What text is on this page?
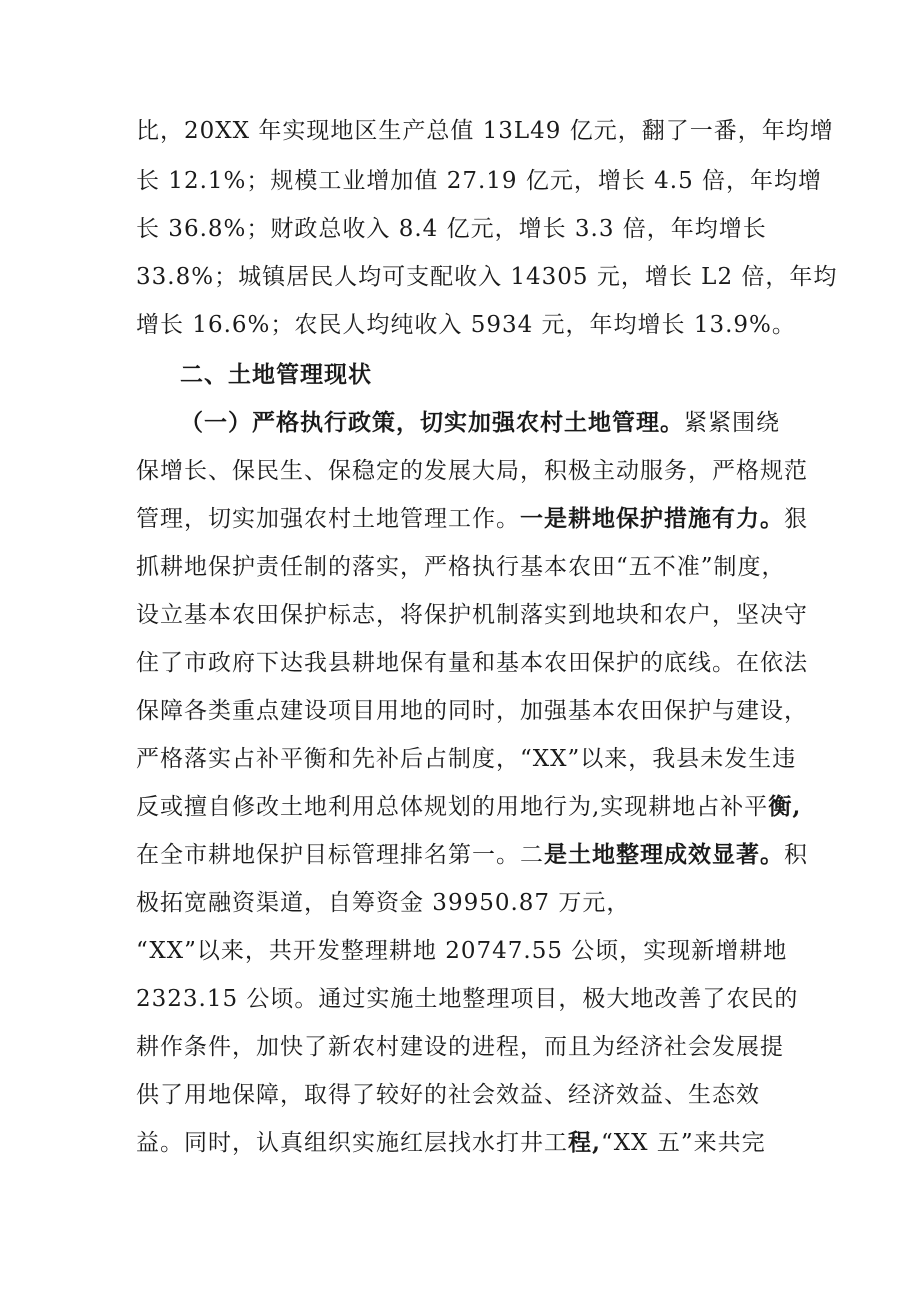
比，20XX 年实现地区生产总值 13L49 亿元，翻了一番，年均增
长 12.1%；规模工业增加值 27.19 亿元，增长 4.5 倍，年均增
长 36.8%；财政总收入 8.4 亿元，增长 3.3 倍，年均增长
33.8%；城镇居民人均可支配收入 14305 元，增长 L2 倍，年均
增长 16.6%；农民人均纯收入 5934 元，年均增长 13.9%。
二、土地管理现状
（一）严格执行政策，切实加强农村土地管理。紧紧围绕
保增长、保民生、保稳定的发展大局，积极主动服务，严格规范
管理，切实加强农村土地管理工作。一是耕地保护措施有力。狠
抓耕地保护责任制的落实，严格执行基本农田“五不准”制度，
设立基本农田保护标志，将保护机制落实到地块和农户，坚决守
住了市政府下达我县耕地保有量和基本农田保护的底线。在依法
保障各类重点建设项目用地的同时，加强基本农田保护与建设，
严格落实占补平衡和先补后占制度，“XX”以来，我县未发生违
反或擅自修改土地利用总体规划的用地行为,实现耕地占补平衡,
在全市耕地保护目标管理排名第一。二是土地整理成效显著。积
极拓宽融资渠道，自筹资金 39950.87 万元，
“XX”以来，共开发整理耕地 20747.55 公顷，实现新增耕地
2323.15 公顷。通过实施土地整理项目，极大地改善了农民的
耕作条件，加快了新农村建设的进程，而且为经济社会发展提
供了用地保障，取得了较好的社会效益、经济效益、生态效
益。同时，认真组织实施红层找水打井工程,“XX 五”来共完
